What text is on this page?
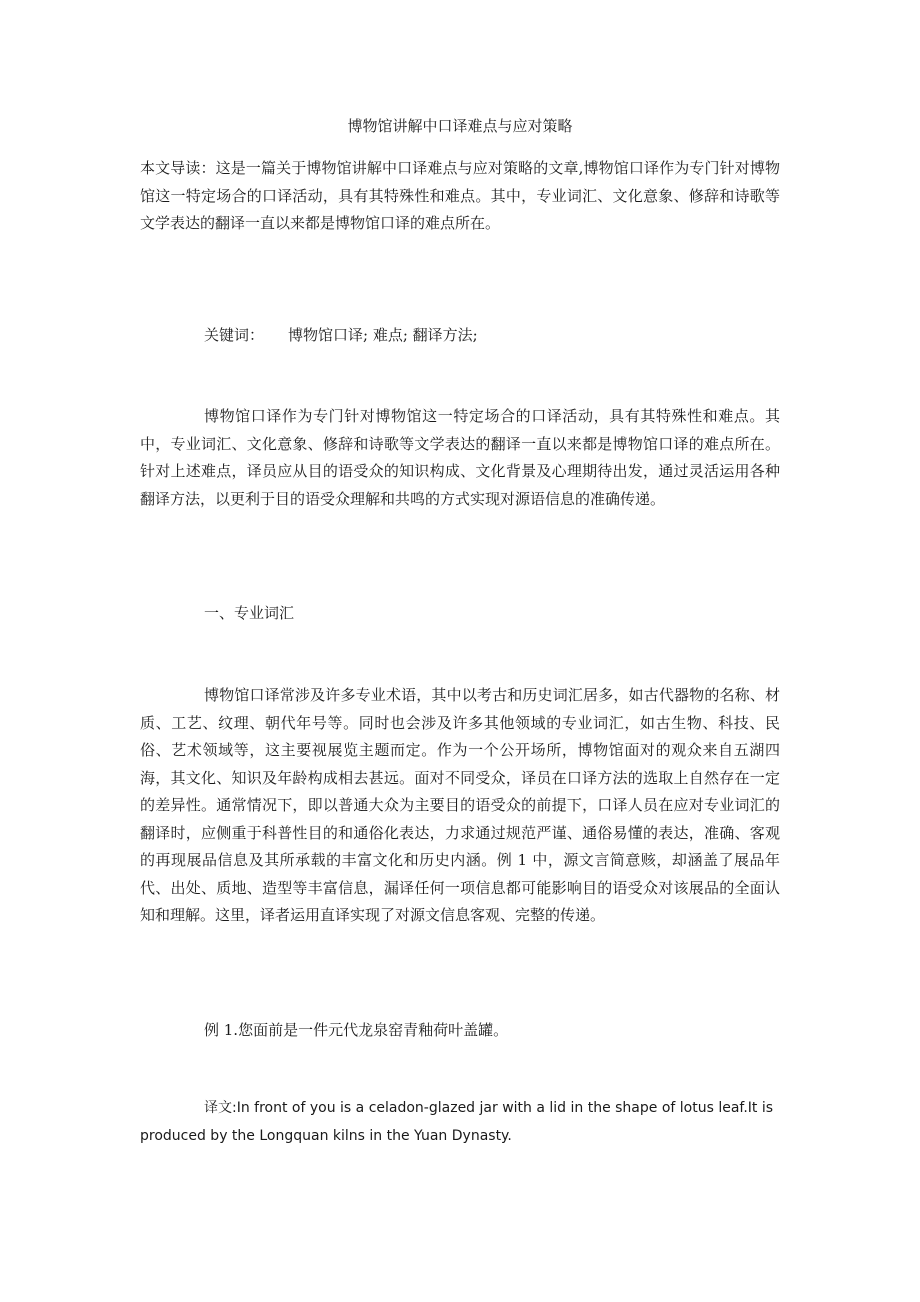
博物馆讲解中口译难点与应对策略

本文导读：这是一篇关于博物馆讲解中口译难点与应对策略的文章,博物馆口译作为专门针对博物馆这一特定场合的口译活动，具有其特殊性和难点。其中，专业词汇、文化意象、修辞和诗歌等文学表达的翻译一直以来都是博物馆口译的难点所在。

关键词： 博物馆口译; 难点; 翻译方法;

博物馆口译作为专门针对博物馆这一特定场合的口译活动，具有其特殊性和难点。其中，专业词汇、文化意象、修辞和诗歌等文学表达的翻译一直以来都是博物馆口译的难点所在。针对上述难点，译员应从目的语受众的知识构成、文化背景及心理期待出发，通过灵活运用各种翻译方法，以更利于目的语受众理解和共鸣的方式实现对源语信息的准确传递。

一、专业词汇

博物馆口译常涉及许多专业术语，其中以考古和历史词汇居多，如古代器物的名称、材质、工艺、纹理、朝代年号等。同时也会涉及许多其他领域的专业词汇，如古生物、科技、民俗、艺术领域等，这主要视展览主题而定。作为一个公开场所，博物馆面对的观众来自五湖四海，其文化、知识及年龄构成相去甚远。面对不同受众，译员在口译方法的选取上自然存在一定的差异性。通常情况下，即以普通大众为主要目的语受众的前提下，口译人员在应对专业词汇的翻译时，应侧重于科普性目的和通俗化表达，力求通过规范严谨、通俗易懂的表达，准确、客观的再现展品信息及其所承载的丰富文化和历史内涵。例 1 中，源文言简意赅，却涵盖了展品年代、出处、质地、造型等丰富信息，漏译任何一项信息都可能影响目的语受众对该展品的全面认知和理解。这里，译者运用直译实现了对源文信息客观、完整的传递。

例 1.您面前是一件元代龙泉窑青釉荷叶盖罐。

译文:In front of you is a celadon-glazed jar with a lid in the shape of lotus leaf.It is produced by the Longquan kilns in the Yuan Dynasty.
